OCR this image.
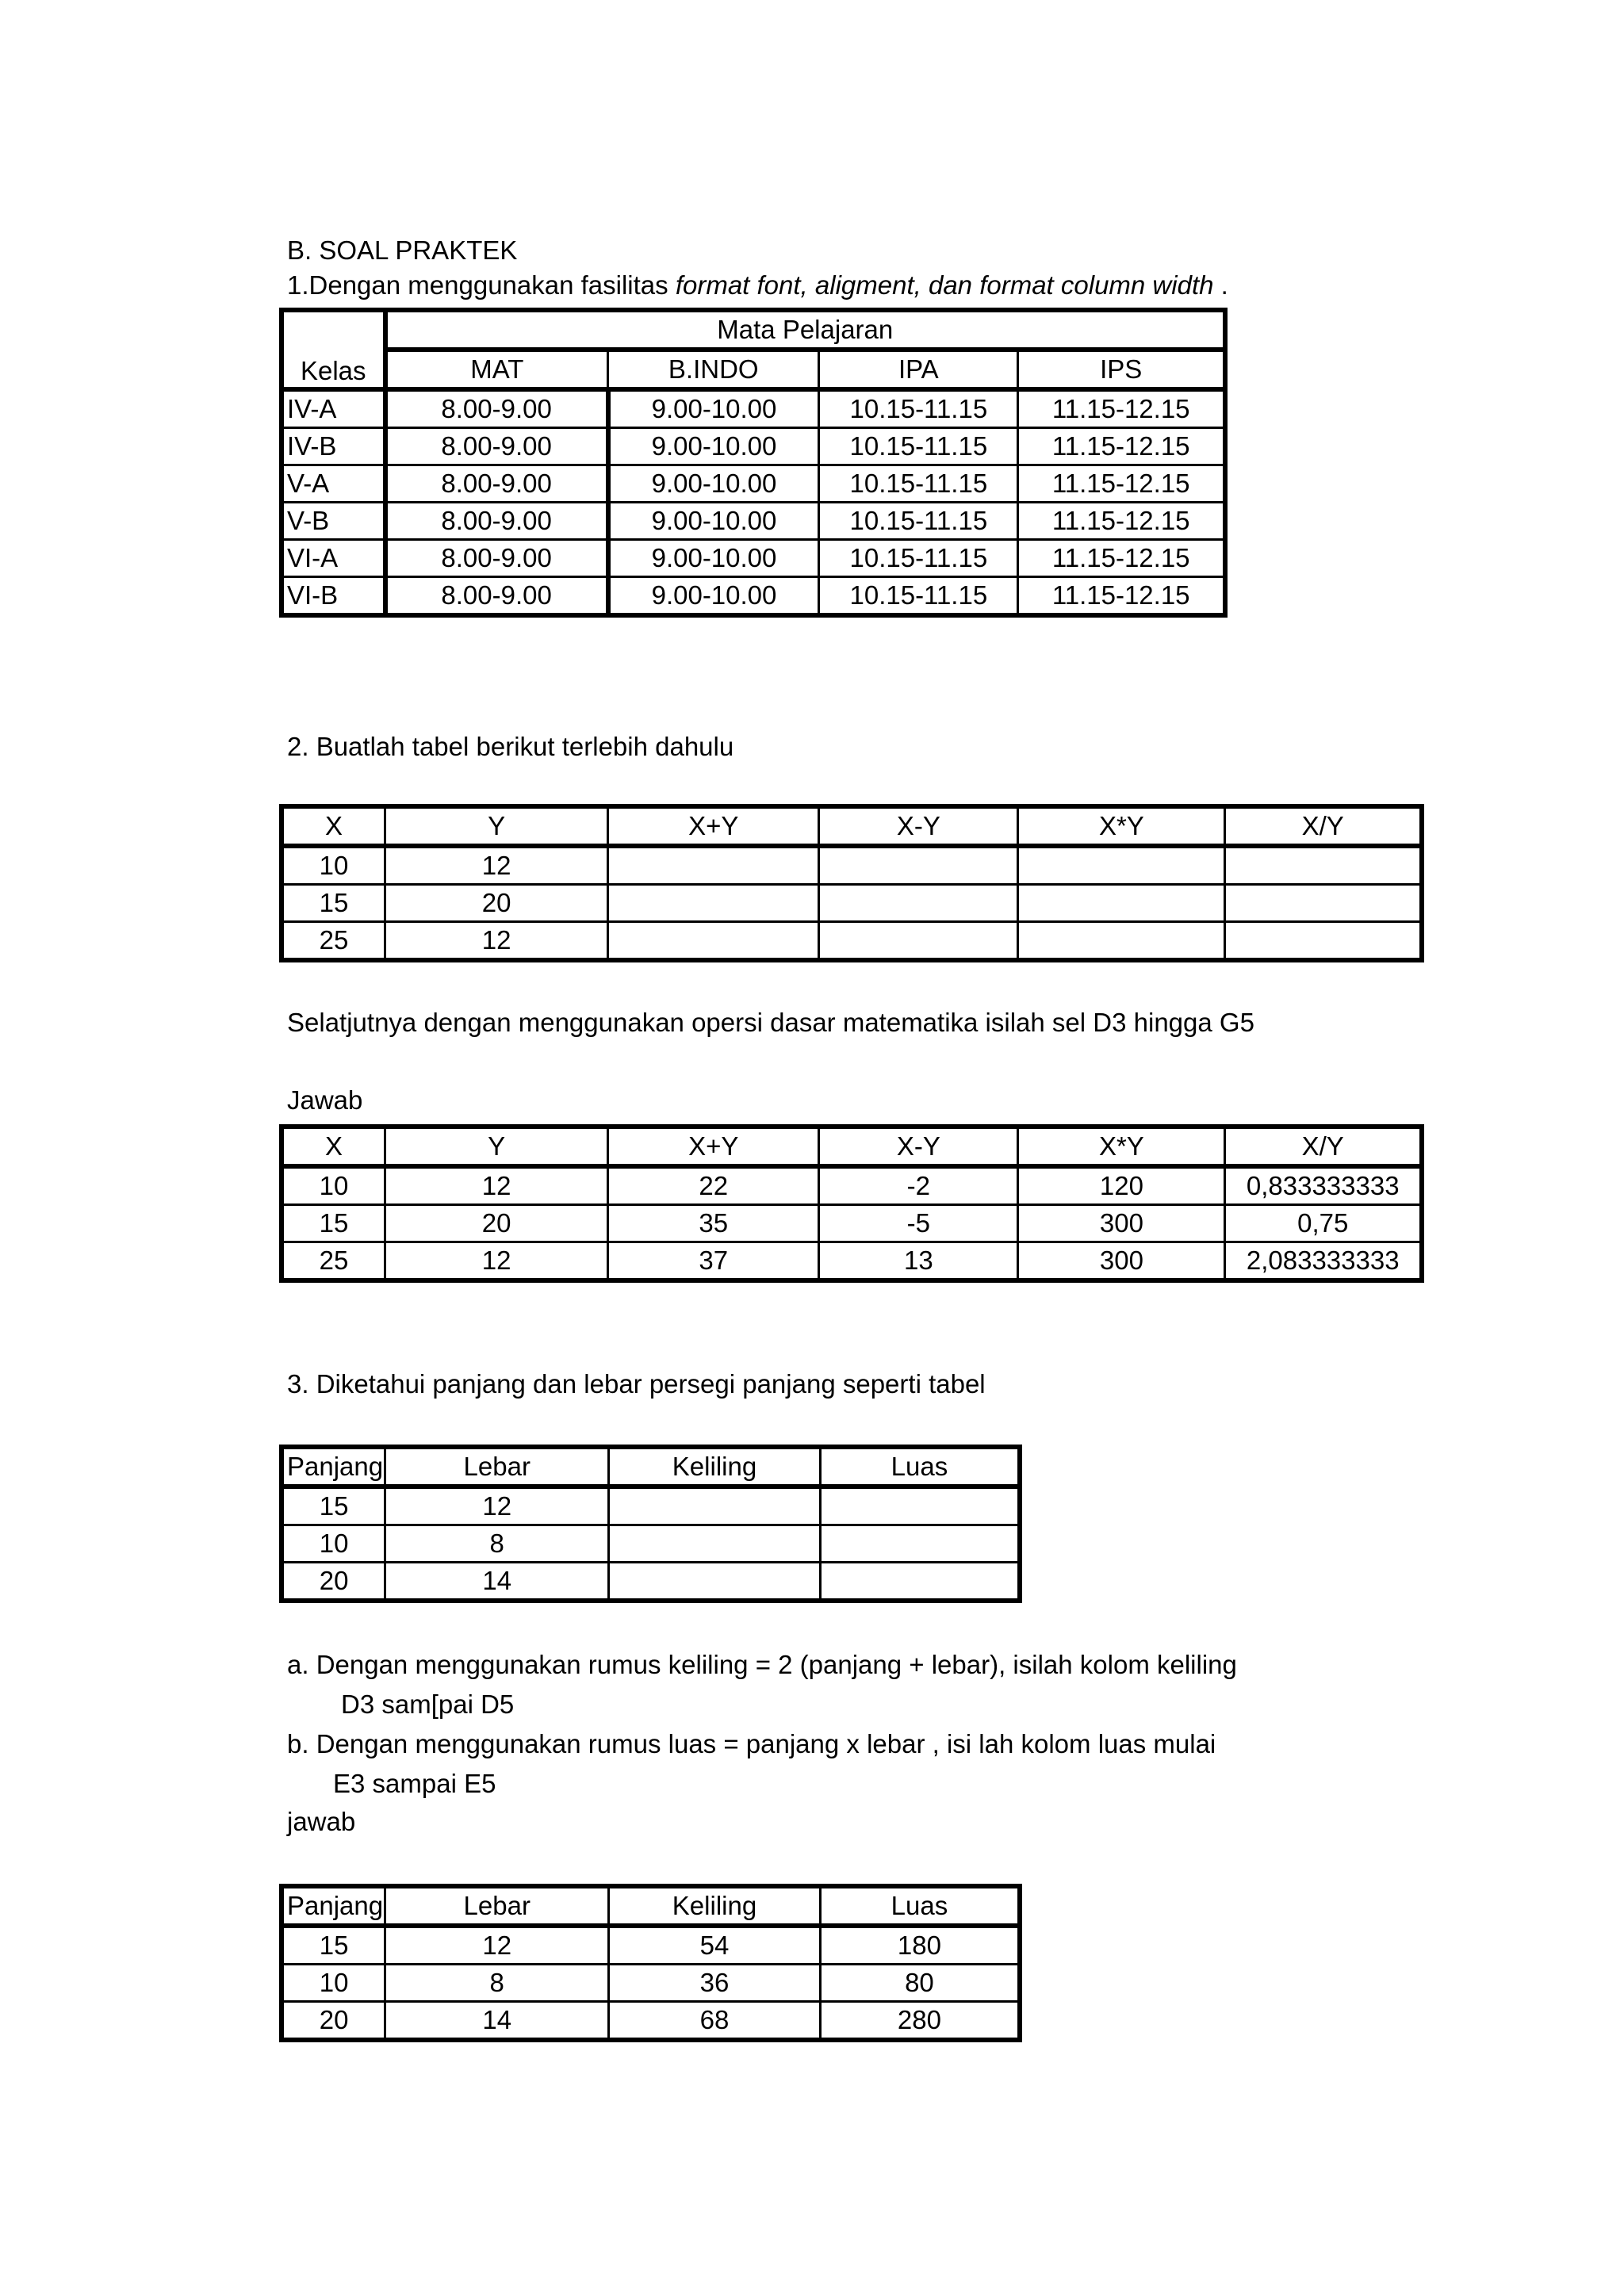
B. SOAL PRAKTEK
1.Dengan menggunakan fasilitas format font, aligment, dan format column width .
Kelas	Mata Pelajaran			
	MAT	B.INDO	IPA	IPS
IV-A	8.00-9.00	9.00-10.00	10.15-11.15	11.15-12.15
IV-B	8.00-9.00	9.00-10.00	10.15-11.15	11.15-12.15
V-A	8.00-9.00	9.00-10.00	10.15-11.15	11.15-12.15
V-B	8.00-9.00	9.00-10.00	10.15-11.15	11.15-12.15
VI-A	8.00-9.00	9.00-10.00	10.15-11.15	11.15-12.15
VI-B	8.00-9.00	9.00-10.00	10.15-11.15	11.15-12.15
2. Buatlah tabel berikut terlebih dahulu
X	Y	X+Y	X-Y	X*Y	X/Y
10	12				
15	20				
25	12				
Selatjutnya dengan menggunakan opersi dasar matematika isilah sel D3 hingga G5
Jawab
X	Y	X+Y	X-Y	X*Y	X/Y
10	12	22	-2	120	0,833333333
15	20	35	-5	300	0,75
25	12	37	13	300	2,083333333
3. Diketahui panjang dan lebar persegi panjang seperti tabel
Panjang	Lebar	Keliling	Luas
15	12		
10	8		
20	14		
a. Dengan menggunakan rumus keliling = 2 (panjang + lebar), isilah kolom keliling
D3 sam[pai D5
b. Dengan menggunakan rumus luas = panjang x lebar , isi lah kolom luas mulai
E3 sampai E5
jawab
Panjang	Lebar	Keliling	Luas
15	12	54	180
10	8	36	80
20	14	68	280
